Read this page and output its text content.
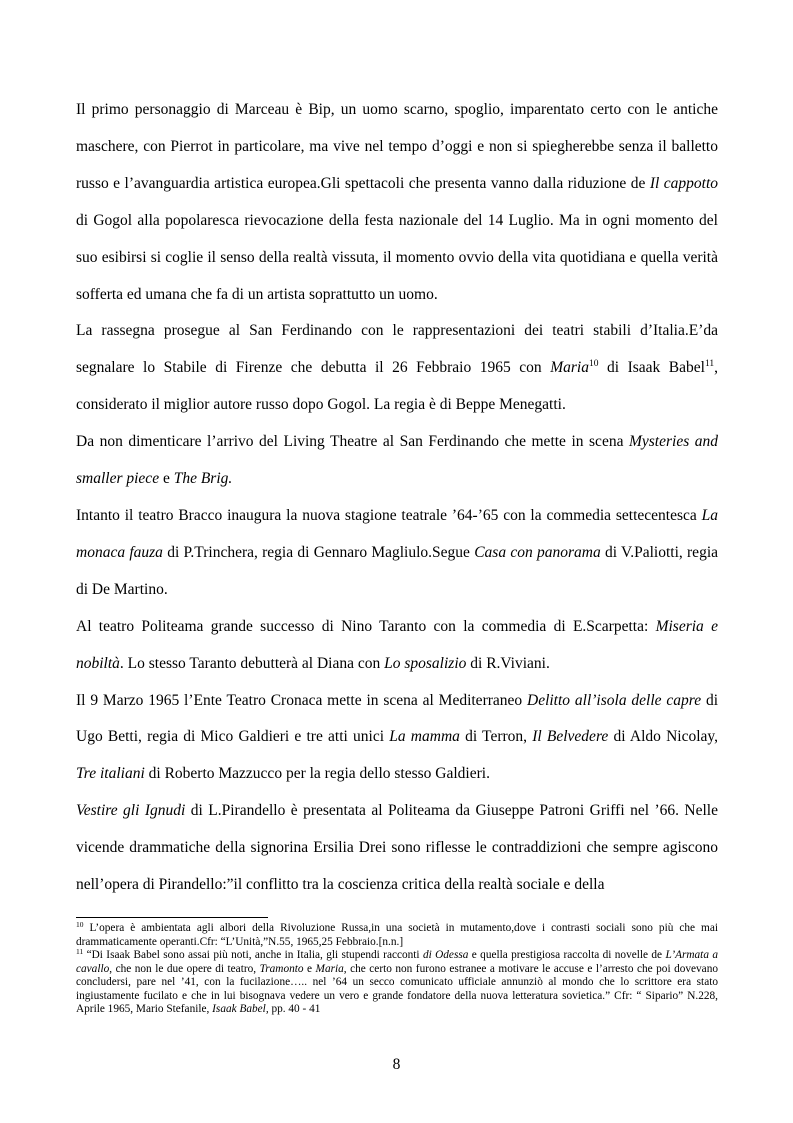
Il primo personaggio di Marceau è Bip, un uomo scarno, spoglio, imparentato certo con le antiche maschere, con Pierrot in particolare, ma vive nel tempo d’oggi e non si spiegherebbe senza il balletto russo e l’avanguardia artistica europea.Gli spettacoli che presenta vanno dalla riduzione de Il cappotto di Gogol alla popolaresca rievocazione della festa nazionale del 14 Luglio. Ma in ogni momento del suo esibirsi si coglie il senso della realtà vissuta, il momento ovvio della vita quotidiana e quella verità sofferta ed umana che fa di un artista soprattutto un uomo.

La rassegna prosegue al San Ferdinando con le rappresentazioni dei teatri stabili d’Italia.E’da segnalare lo Stabile di Firenze che debutta il 26 Febbraio 1965 con Maria$^{10}$ di Isaak Babel$^{11}$, considerato il miglior autore russo dopo Gogol. La regia è di Beppe Menegatti.

Da non dimenticare l’arrivo del Living Theatre al San Ferdinando che mette in scena Mysteries and smaller piece e The Brig.

Intanto il teatro Bracco inaugura la nuova stagione teatrale ’64-’65 con la commedia settecentesca La monaca fauza di P.Trinchera, regia di Gennaro Magliulo.Segue Casa con panorama di V.Paliotti, regia di De Martino.

Al teatro Politeama grande successo di Nino Taranto con la commedia di E.Scarpetta: Miseria e nobiltà. Lo stesso Taranto debutterà al Diana con Lo sposalizio di R.Viviani.

Il 9 Marzo 1965 l’Ente Teatro Cronaca mette in scena al Mediterraneo Delitto all’isola delle capre di Ugo Betti, regia di Mico Galdieri e tre atti unici La mamma di Terron, Il Belvedere di Aldo Nicolay, Tre italiani di Roberto Mazzucco per la regia dello stesso Galdieri.

Vestire gli Ignudi di L.Pirandello è presentata al Politeama da Giuseppe Patroni Griffi nel ’66. Nelle vicende drammatiche della signorina Ersilia Drei sono riflesse le contraddizioni che sempre agiscono nell’opera di Pirandello:”il conflitto tra la coscienza critica della realtà sociale e della

$^{10}$ L’opera è ambientata agli albori della Rivoluzione Russa,in una società in mutamento,dove i contrasti sociali sono più che mai drammaticamente operanti.Cfr: “L’Unità,”N.55, 1965,25 Febbraio.[n.n.]

$^{11}$ “Di Isaak Babel sono assai più noti, anche in Italia, gli stupendi racconti di Odessa e quella prestigiosa raccolta di novelle de L’Armata a cavallo, che non le due opere di teatro, Tramonto e Maria, che certo non furono estranee a motivare le accuse e l’arresto che poi dovevano concludersi, pare nel ’41, con la fucilazione….. nel ’64 un secco comunicato ufficiale annunziò al mondo che lo scrittore era stato ingiustamente fucilato e che in lui bisognava vedere un vero e grande fondatore della nuova letteratura sovietica.” Cfr: “ Sipario” N.228, Aprile 1965, Mario Stefanile, Isaak Babel, pp. 40 - 41

8
